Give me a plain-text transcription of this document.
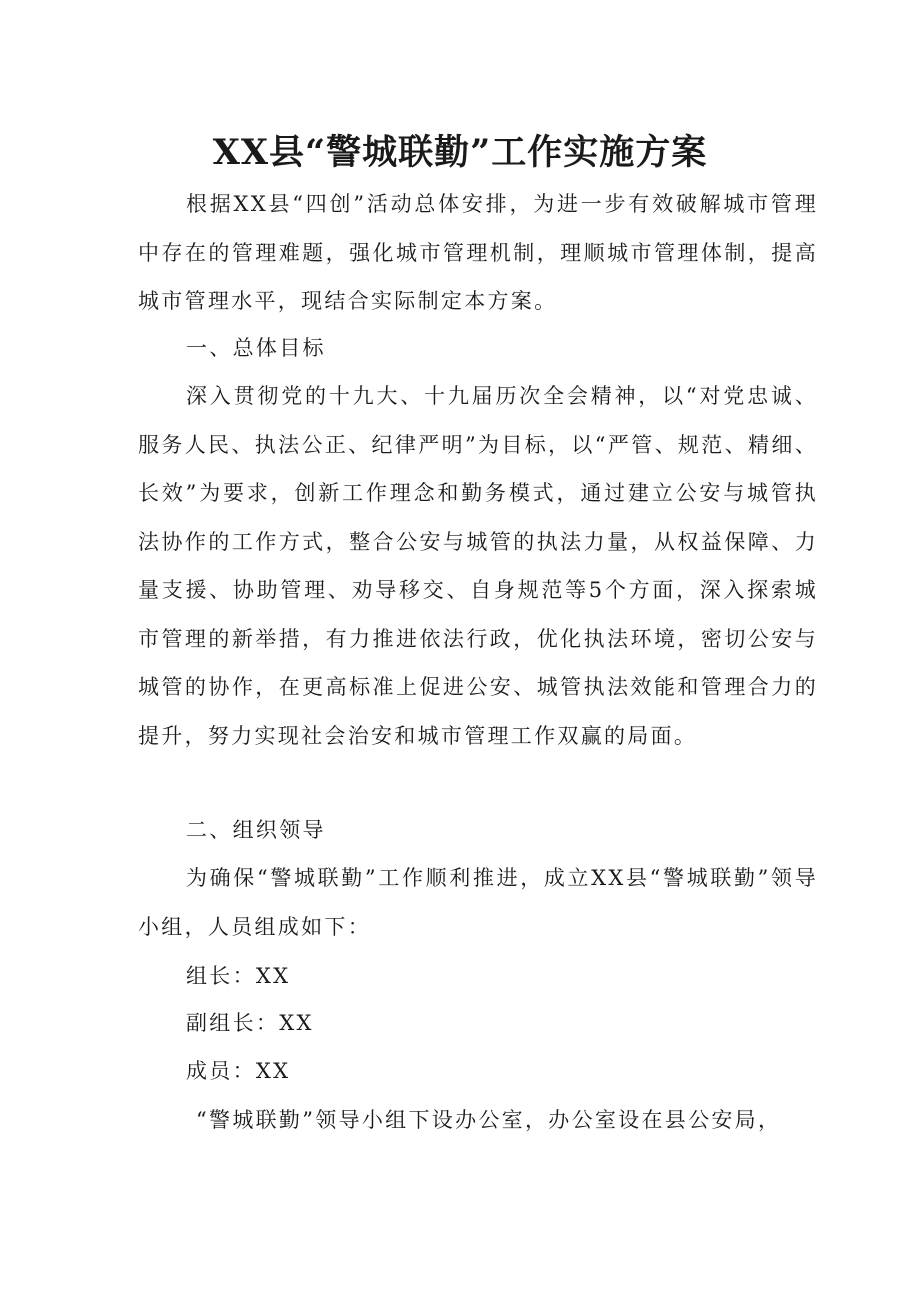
XX县“警城联勤”工作实施方案

根据XX县“四创”活动总体安排，为进一步有效破解城市管理中存在的管理难题，强化城市管理机制，理顺城市管理体制，提高城市管理水平，现结合实际制定本方案。

一、总体目标

深入贯彻党的十九大、十九届历次全会精神，以“对党忠诚、服务人民、执法公正、纪律严明”为目标，以“严管、规范、精细、长效”为要求，创新工作理念和勤务模式，通过建立公安与城管执法协作的工作方式，整合公安与城管的执法力量，从权益保障、力量支援、协助管理、劝导移交、自身规范等5个方面，深入探索城市管理的新举措，有力推进依法行政，优化执法环境，密切公安与城管的协作，在更高标准上促进公安、城管执法效能和管理合力的提升，努力实现社会治安和城市管理工作双赢的局面。

二、组织领导

为确保“警城联勤”工作顺利推进，成立XX县“警城联勤”领导小组，人员组成如下：

组长：XX
副组长：XX
成员：XX

“警城联勤”领导小组下设办公室，办公室设在县公安局，
